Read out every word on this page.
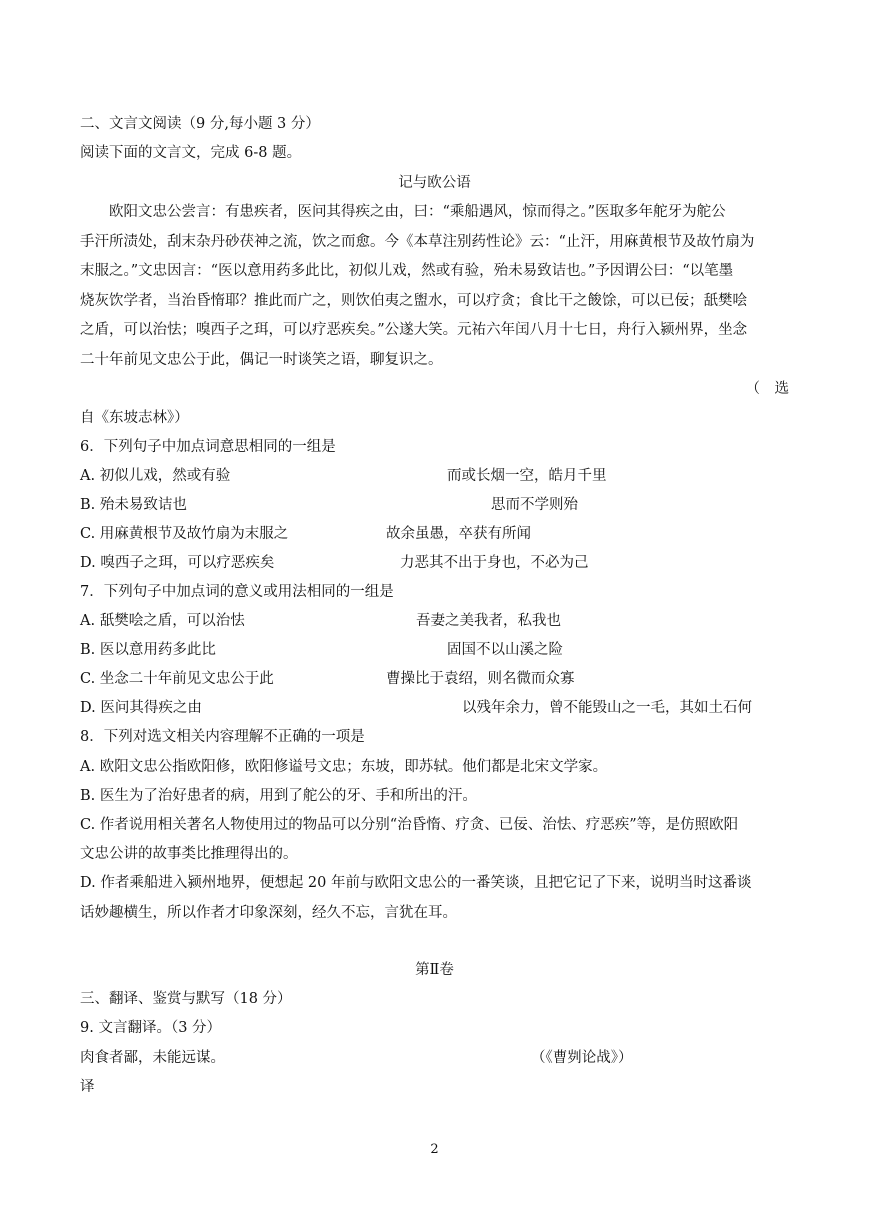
二、文言文阅读（9 分,每小题 3 分）
阅读下面的文言文，完成 6-8 题。
记与欧公语
欧阳文忠公尝言：有患疾者，医问其得疾之由，曰：“乘船遇风，惊而得之。”医取多年舵牙为舵公
手汗所渍处，刮末杂丹砂茯神之流，饮之而愈。今《本草注别药性论》云：“止汗，用麻黄根节及故竹扇为
末服之。”文忠因言：“医以意用药多此比，初似儿戏，然或有验，殆未易致诘也。”予因谓公曰：“以笔墨
烧灰饮学者，当治昏惰耶？推此而广之，则饮伯夷之盥水，可以疗贪；食比干之餕馀，可以已佞；舐樊哙
之盾，可以治怯；嗅西子之珥，可以疗恶疾矣。”公遂大笑。元祐六年闰八月十七日，舟行入颍州界，坐念
二十年前见文忠公于此，偶记一时谈笑之语，聊复识之。
（　选
自《东坡志林》）
6．下列句子中加点词意思相同的一组是
A. 初似儿戏，然或有验	而或长烟一空，皓月千里
B. 殆未易致诘也	思而不学则殆
C. 用麻黄根节及故竹扇为末服之	故余虽愚，卒获有所闻
D. 嗅西子之珥，可以疗恶疾矣	力恶其不出于身也，不必为己
7．下列句子中加点词的意义或用法相同的一组是
A. 舐樊哙之盾，可以治怯	吾妻之美我者，私我也
B. 医以意用药多此比	固国不以山溪之险
C. 坐念二十年前见文忠公于此	曹操比于袁绍，则名微而众寡
D. 医问其得疾之由	以残年余力，曾不能毁山之一毛，其如土石何
8．下列对选文相关内容理解不正确的一项是
A. 欧阳文忠公指欧阳修，欧阳修谥号文忠；东坡，即苏轼。他们都是北宋文学家。
B. 医生为了治好患者的病，用到了舵公的牙、手和所出的汗。
C. 作者说用相关著名人物使用过的物品可以分别“治昏惰、疗贪、已佞、治怯、疗恶疾”等，是仿照欧阳
文忠公讲的故事类比推理得出的。
D. 作者乘船进入颍州地界，便想起 20 年前与欧阳文忠公的一番笑谈，且把它记了下来，说明当时这番谈
话妙趣横生，所以作者才印象深刻，经久不忘，言犹在耳。
第Ⅱ卷
三、翻译、鉴赏与默写（18 分）
9. 文言翻译。（3 分）
肉食者鄙，未能远谋。	（《曹刿论战》）
译
2
